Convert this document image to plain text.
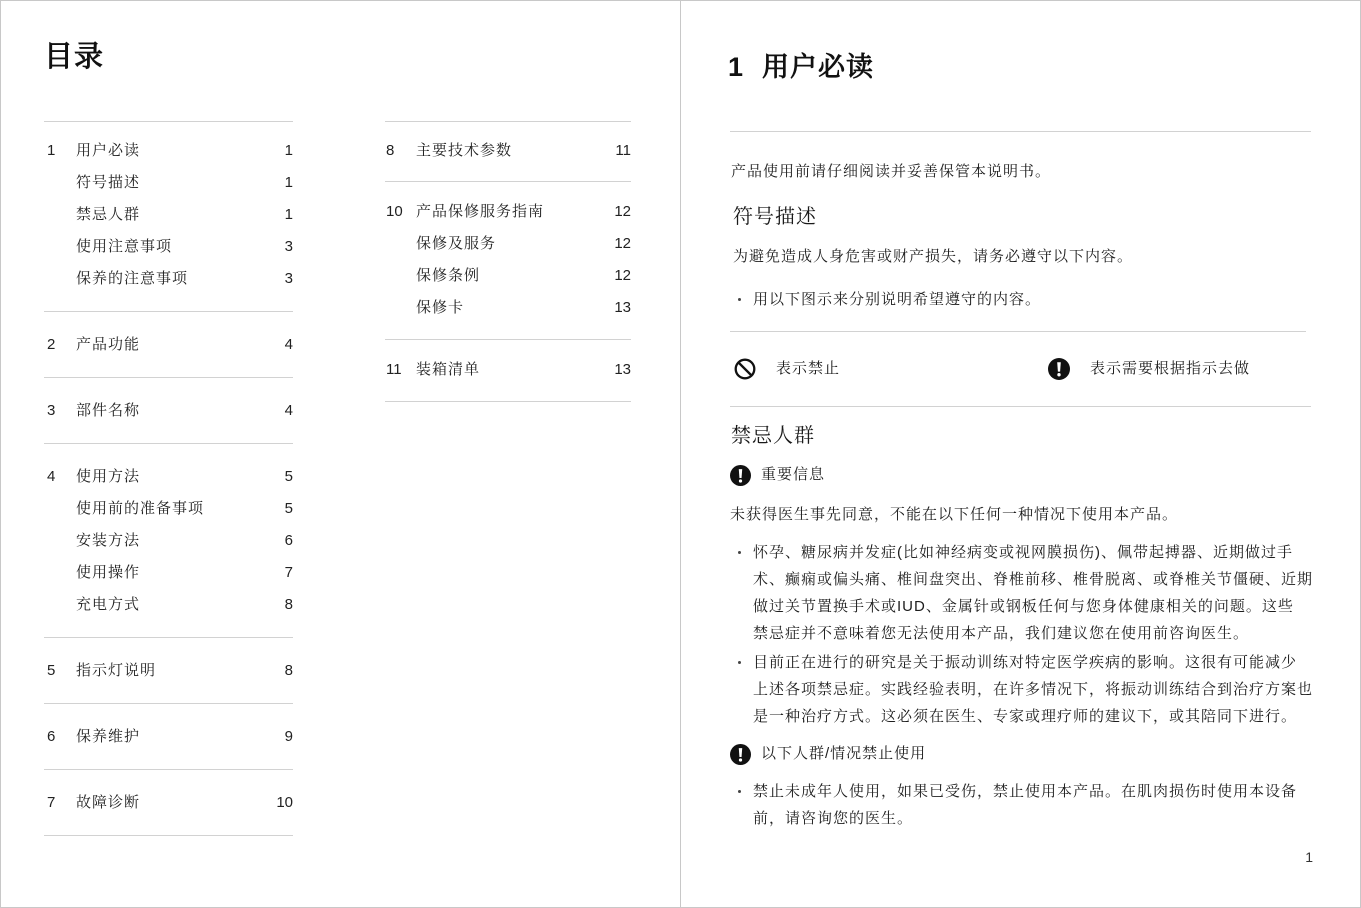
目录
1	用户必读	1
符号描述	1
禁忌人群	1
使用注意事项	3
保养的注意事项	3
2	产品功能	4
3	部件名称	4
4	使用方法	5
使用前的准备事项	5
安装方法	6
使用操作	7
充电方式	8
5	指示灯说明	8
6	保养维护	9
7	故障诊断	10
8	主要技术参数	11
10 产品保修服务指南	12
保修及服务	12
保修条例	12
保修卡	13
11 装箱清单	13
1 用户必读
产品使用前请仔细阅读并妥善保管本说明书。
符号描述
为避免造成人身危害或财产损失，请务必遵守以下内容。
用以下图示来分别说明希望遵守的内容。
表示禁止	表示需要根据指示去做
禁忌人群
重要信息
未获得医生事先同意，不能在以下任何一种情况下使用本产品。
怀孕、糖尿病并发症(比如神经病变或视网膜损伤)、佩带起搏器、近期做过手
术、癫痫或偏头痛、椎间盘突出、脊椎前移、椎骨脱离、或脊椎关节僵硬、近期
做过关节置换手术或IUD、金属针或钢板任何与您身体健康相关的问题。这些
禁忌症并不意味着您无法使用本产品，我们建议您在使用前咨询医生。
目前正在进行的研究是关于振动训练对特定医学疾病的影响。这很有可能减少
上述各项禁忌症。实践经验表明，在许多情况下，将振动训练结合到治疗方案也
是一种治疗方式。这必须在医生、专家或理疗师的建议下，或其陪同下进行。
以下人群/情况禁止使用
禁止未成年人使用，如果已受伤，禁止使用本产品。在肌肉损伤时使用本设备
前，请咨询您的医生。
1
